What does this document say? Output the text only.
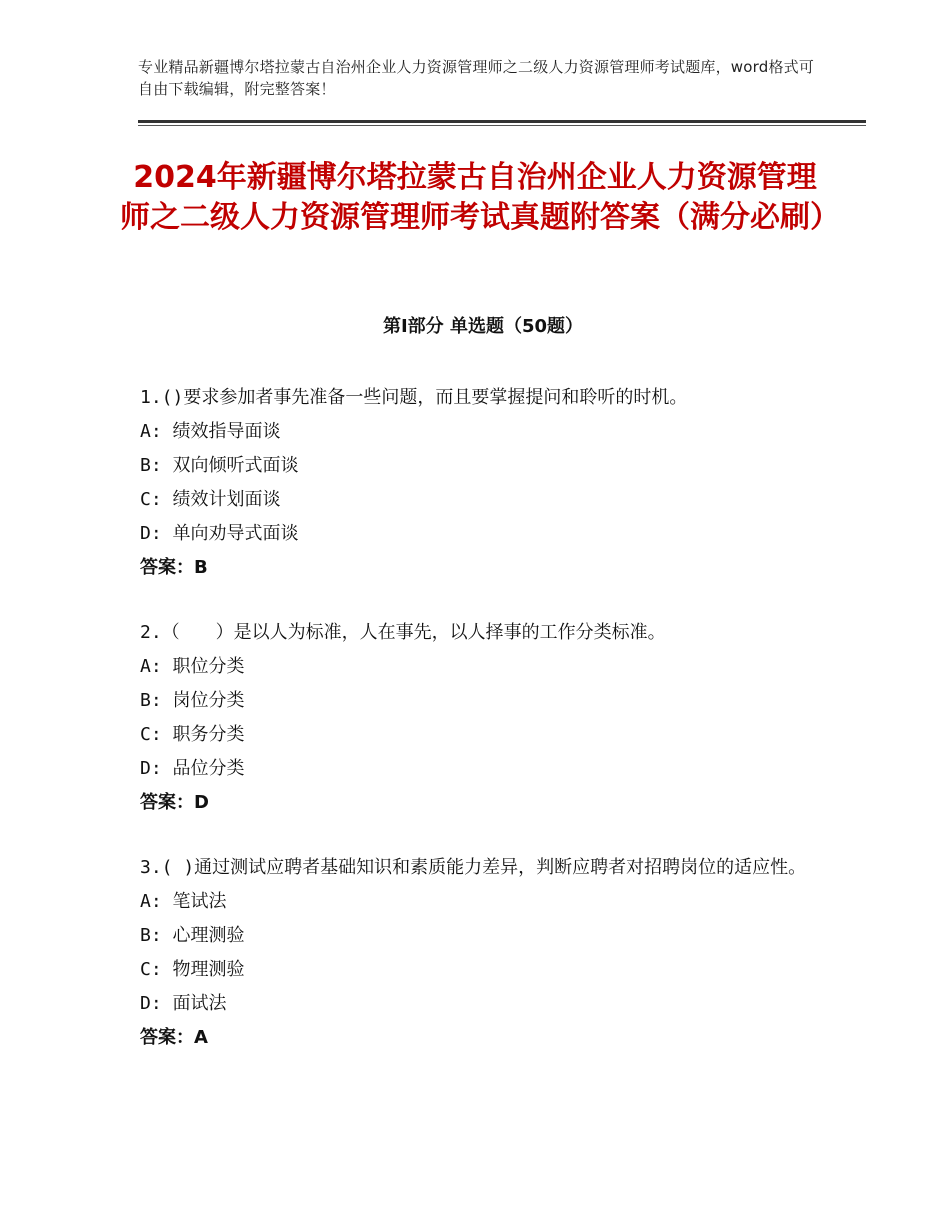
专业精品新疆博尔塔拉蒙古自治州企业人力资源管理师之二级人力资源管理师考试题库，word格式可自由下载编辑，附完整答案！
2024年新疆博尔塔拉蒙古自治州企业人力资源管理师之二级人力资源管理师考试真题附答案（满分必刷）
第Ⅰ部分 单选题（50题）
1.()要求参加者事先准备一些问题，而且要掌握提问和聆听的时机。
A: 绩效指导面谈
B: 双向倾听式面谈
C: 绩效计划面谈
D: 单向劝导式面谈
答案：B
2.（　　）是以人为标准，人在事先，以人择事的工作分类标准。
A: 职位分类
B: 岗位分类
C: 职务分类
D: 品位分类
答案：D
3.( )通过测试应聘者基础知识和素质能力差异，判断应聘者对招聘岗位的适应性。
A: 笔试法
B: 心理测验
C: 物理测验
D: 面试法
答案：A
